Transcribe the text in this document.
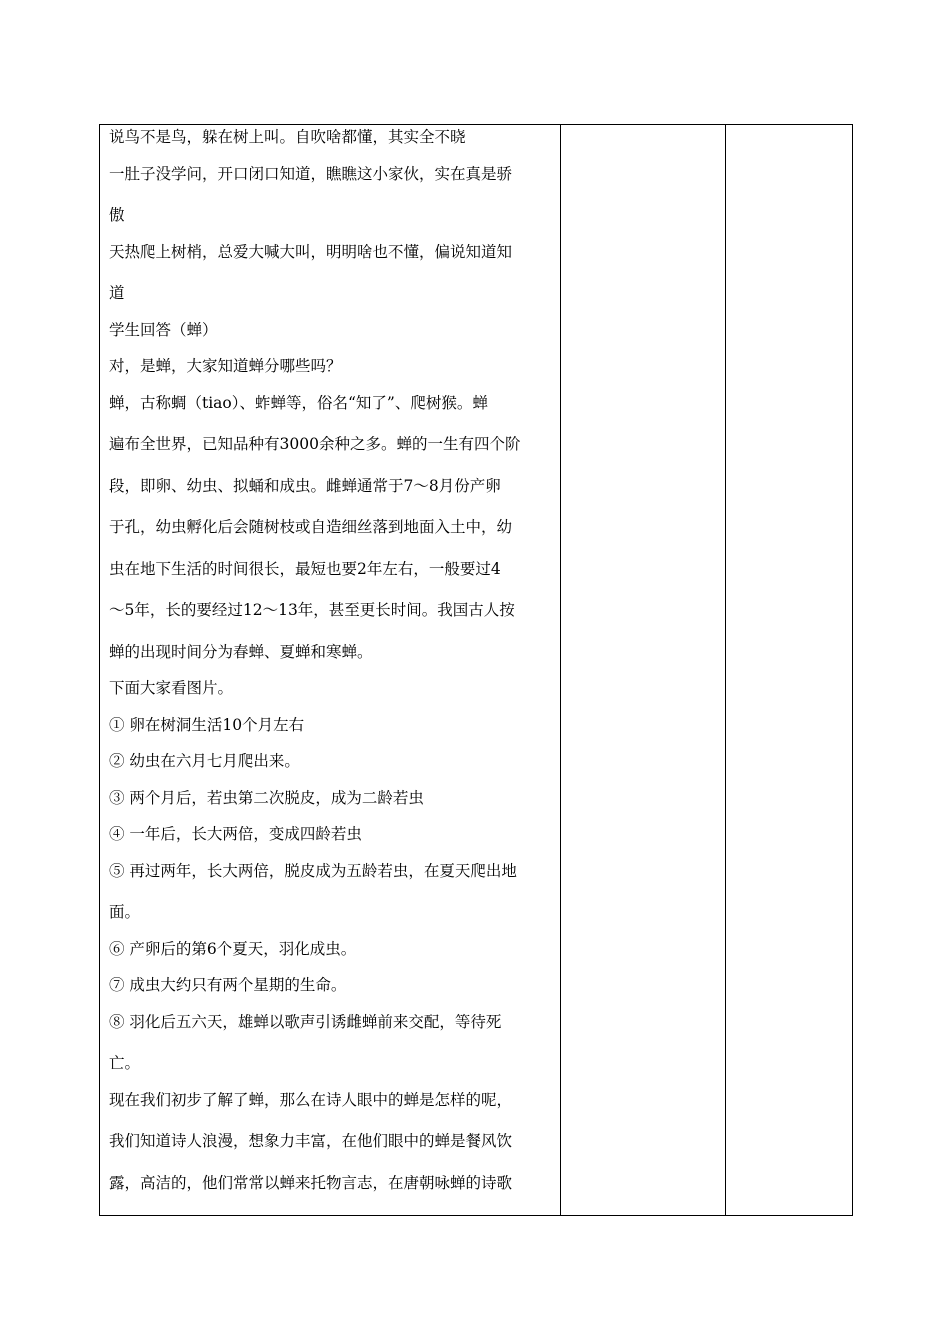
说鸟不是鸟，躲在树上叫。自吹啥都懂，其实全不晓
一肚子没学问，开口闭口知道，瞧瞧这小家伙，实在真是骄
傲
天热爬上树梢，总爱大喊大叫，明明啥也不懂，偏说知道知
道
学生回答（蝉）
对，是蝉，大家知道蝉分哪些吗？
蝉，古称蜩（tiao）、蚱蝉等，俗名“知了”、爬树猴。蝉
遍布全世界，已知品种有3000余种之多。蝉的一生有四个阶
段，即卵、幼虫、拟蛹和成虫。雌蝉通常于7～8月份产卵
于孔，幼虫孵化后会随树枝或自造细丝落到地面入土中，幼
虫在地下生活的时间很长，最短也要2年左右，一般要过4
～5年，长的要经过12～13年，甚至更长时间。我国古人按
蝉的出现时间分为春蝉、夏蝉和寒蝉。
下面大家看图片。
① 卵在树洞生活10个月左右
② 幼虫在六月七月爬出来。
③ 两个月后，若虫第二次脱皮，成为二龄若虫
④ 一年后，长大两倍，变成四龄若虫
⑤ 再过两年，长大两倍，脱皮成为五龄若虫，在夏天爬出地
面。
⑥ 产卵后的第6个夏天，羽化成虫。
⑦ 成虫大约只有两个星期的生命。
⑧ 羽化后五六天，雄蝉以歌声引诱雌蝉前来交配，等待死
亡。
现在我们初步了解了蝉，那么在诗人眼中的蝉是怎样的呢，
我们知道诗人浪漫，想象力丰富，在他们眼中的蝉是餐风饮
露，高洁的，他们常常以蝉来托物言志，在唐朝咏蝉的诗歌
